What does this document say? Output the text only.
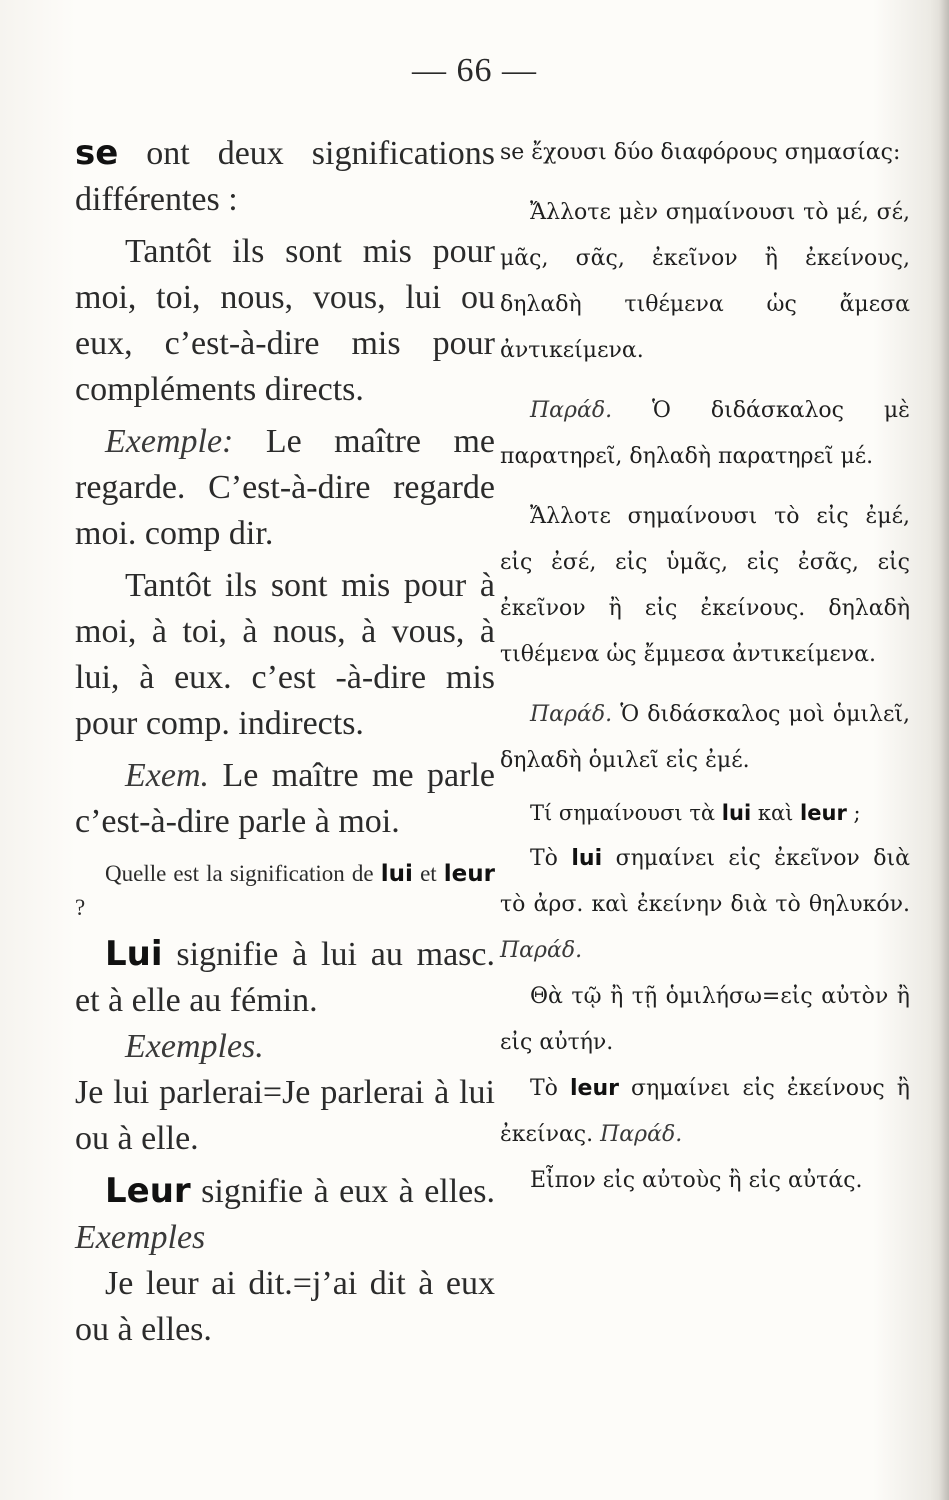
— 66 —

se ont deux significations différentes :

Tantôt ils sont mis pour moi, toi, nous, vous, lui ou eux, c’est-à-dire mis pour compléments directs.

Exemple: Le maître me regarde. C’est-à-dire regarde moi. comp dir.

Tantôt ils sont mis pour à moi, à toi, à nous, à vous, à lui, à eux. c’est -à-dire mis pour comp. indirects.

Exem. Le maître me parle c’est-à-dire parle à moi.

Quelle est la signification de lui et leur ?

Lui signifie à lui au masc. et à elle au fémin.

Exemples.

Je lui parlerai=Je parlerai à lui ou à elle.

Leur signifie à eux à elles. Exemples

Je leur ai dit.=j’ai dit à eux ou à elles.

se ἔχουσι δύο διαφόρους σημασίας:

Ἄλλοτε μὲν σημαίνουσι τὸ μέ, σέ, μᾶς, σᾶς, ἐκεῖνον ἢ ἐκείνους, δηλαδὴ τιθέμενα ὡς ἄμεσα ἀντικείμενα.

Παράδ. Ὁ διδάσκαλος μὲ παρατηρεῖ, δηλαδὴ παρατηρεῖ μέ.

Ἄλλοτε σημαίνουσι τὸ εἰς ἐμέ, εἰς ἐσέ, εἰς ὑμᾶς, εἰς ἐσᾶς, εἰς ἐκεῖνον ἢ εἰς ἐκείνους. δηλαδὴ τιθέμενα ὡς ἔμμεσα ἀντικείμενα.

Παράδ. Ὁ διδάσκαλος μοὶ ὁμιλεῖ, δηλαδὴ ὁμιλεῖ εἰς ἐμέ.

Τί σημαίνουσι τὰ lui καὶ leur ;

Τὸ lui σημαίνει εἰς ἐκεῖνον διὰ τὸ ἀρσ. καὶ ἐκείνην διὰ τὸ θηλυκόν. Παράδ.

Θὰ τῷ ἢ τῇ ὁμιλήσω=εἰς αὐτὸν ἢ εἰς αὐτήν.

Τὸ leur σημαίνει εἰς ἐκείνους ἢ ἐκείνας. Παράδ.

Εἶπον εἰς αὐτοὺς ἢ εἰς αὐτάς.
